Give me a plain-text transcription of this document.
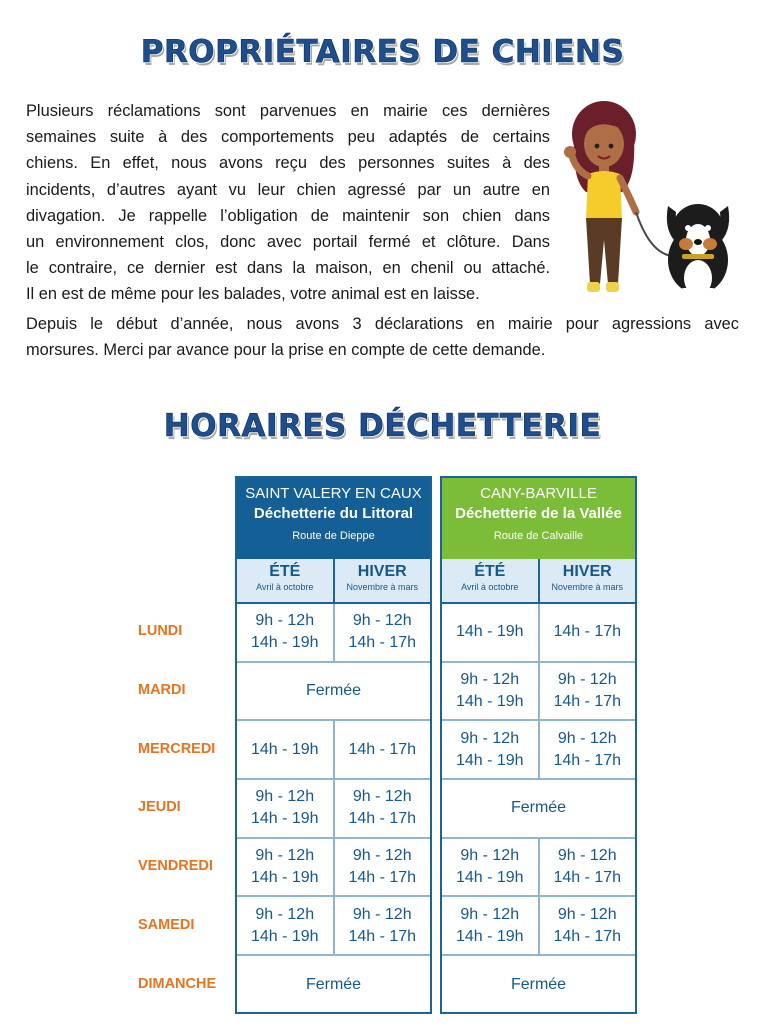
PROPRIÉTAIRES DE CHIENS
Plusieurs réclamations sont parvenues en mairie ces dernières
semaines suite à des comportements peu adaptés de certains
chiens. En effet, nous avons reçu des personnes suites à des
incidents, d’autres ayant vu leur chien agressé par un autre en
divagation. Je rappelle l’obligation de maintenir son chien dans
un environnement clos, donc avec portail fermé et clôture. Dans
le contraire, ce dernier est dans la maison, en chenil ou attaché.
Il en est de même pour les balades, votre animal est en laisse.
Depuis le début d’année, nous avons 3 déclarations en mairie pour agressions avec
morsures. Merci par avance pour la prise en compte de cette demande.
HORAIRES DÉCHETTERIE
LUNDI
MARDI
MERCREDI
JEUDI
VENDREDI
SAMEDI
DIMANCHE
SAINT VALERY EN CAUX
Déchetterie du Littoral
Route de Dieppe
ÉTÉ
Avril à octobre
HIVER
Novembre à mars
9h - 12h
14h - 19h
9h - 12h
14h - 17h
Fermée
14h - 19h 14h - 17h
9h - 12h
14h - 19h
9h - 12h
14h - 17h
9h - 12h
14h - 19h
9h - 12h
14h - 17h
9h - 12h
14h - 19h
9h - 12h
14h - 17h
Fermée
CANY-BARVILLE
Déchetterie de la Vallée
Route de Calvaille
ÉTÉ
Avril à octobre
HIVER
Novembre à mars
14h - 19h 14h - 17h
9h - 12h
14h - 19h
9h - 12h
14h - 17h
9h - 12h
14h - 19h
9h - 12h
14h - 17h
Fermée
9h - 12h
14h - 19h
9h - 12h
14h - 17h
9h - 12h
14h - 19h
9h - 12h
14h - 17h
Fermée
